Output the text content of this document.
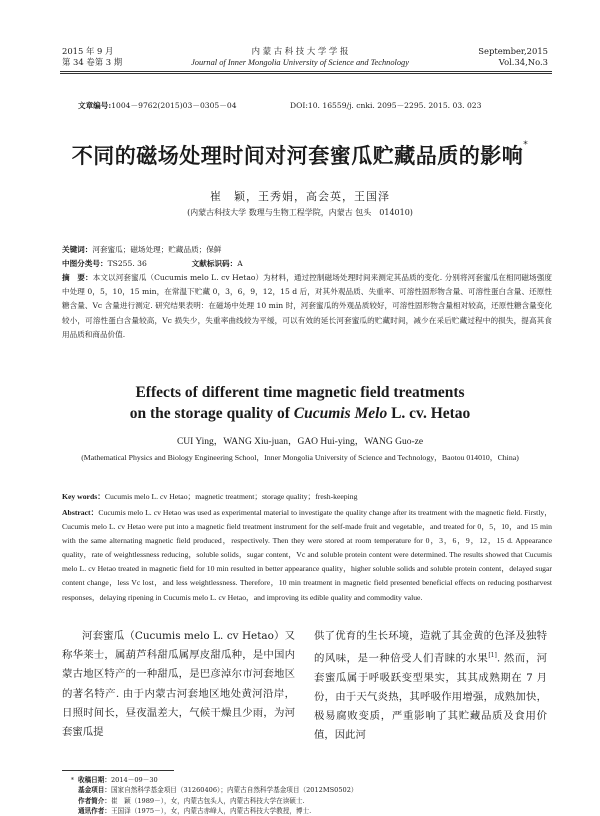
2015 年 9 月
第 34 卷第 3 期
内 蒙 古 科 技 大 学 学 报
Journal of Inner Mongolia University of Science and Technology
September,2015
Vol.34,No.3
文章编号:1004－9762(2015)03－0305－04	DOI:10. 16559/j. cnki. 2095－2295. 2015. 03. 023
不同的磁场处理时间对河套蜜瓜贮藏品质的影响*
崔　颖，王秀娟，高会英，王国泽
(内蒙古科技大学 数理与生物工程学院，内蒙古 包头　014010)
关键词：河套蜜瓜；磁场处理；贮藏品质；保鲜
中图分类号：TS255. 36	文献标识码：A
摘　要：本文以河套蜜瓜（Cucumis melo L. cv Hetao）为材料，通过控制磁场处理时间来测定其品质的变化. 分别将河套蜜瓜在相同磁场强度中处理 0，5，10，15 min，在常温下贮藏 0，3，6，9，12，15 d 后，对其外观品质、失重率、可溶性固形物含量、可溶性蛋白含量、还原性糖含量、Vc 含量进行测定. 研究结果表明：在磁场中处理 10 min 时，河套蜜瓜的外观品质较好，可溶性固形物含量相对较高，还原性糖含量变化较小，可溶性蛋白含量较高，Vc 损失少，失重率曲线较为平缓，可以有效的延长河套蜜瓜的贮藏时间，减少在采后贮藏过程中的损失，提高其食用品质和商品价值.
Effects of different time magnetic field treatments
on the storage quality of Cucumis Melo L. cv. Hetao
CUI Ying，WANG Xiu-juan，GAO Hui-ying，WANG Guo-ze
(Mathematical Physics and Biology Engineering School，Inner Mongolia University of Science and Technology，Baotou 014010，China)
Key words：Cucumis melo L. cv Hetao；magnetic treatment；storage quality；fresh-keeping
Abstract：Cucumis melo L. cv Hetao was used as experimental material to investigate the quality change after its treatment with the magnetic field. Firstly，Cucumis melo L. cv Hetao were put into a magnetic field treatment instrument for the self-made fruit and vegetable，and treated for 0，5，10，and 15 min with the same alternating magnetic field produced，respectively. Then they were stored at room temperature for 0，3，6，9，12，15 d. Appearance quality，rate of weightlessness reducing，soluble solids，sugar content，Vc and soluble protein content were determined. The results showed that Cucumis melo L. cv Hetao treated in magnetic field for 10 min resulted in better appearance quality，higher soluble solids and soluble protein content，delayed sugar content change，less Vc lost，and less weightlessness. Therefore，10 min treatment in magnetic field presented beneficial effects on reducing postharvest responses，delaying ripening in Cucumis melo L. cv Hetao，and improving its edible quality and commodity value.
河套蜜瓜（Cucumis melo L. cv Hetao）又称华莱士，属葫芦科甜瓜属厚皮甜瓜种，是中国内蒙古地区特产的一种甜瓜，是巴彦淖尔市河套地区的著名特产. 由于内蒙古河套地区地处黄河沿岸，日照时间长，昼夜温差大，气候干燥且少雨，为河套蜜瓜提
供了优育的生长环境，造就了其金黄的色泽及独特的风味，是一种倍受人们青睐的水果[1]. 然而，河套蜜瓜属于呼吸跃变型果实，其其成熟期在 7 月份，由于天气炎热，其呼吸作用增强，成熟加快，极易腐败变质，严重影响了其贮藏品质及食用价值，因此河
* 收稿日期：2014－09－30
基金项目：国家自然科学基金项目（31260406）；内蒙古自然科学基金项目（2012MS0502）
作者简介：崔　颖（1989－），女，内蒙古包头人，内蒙古科技大学在读硕士.
通讯作者：王国泽（1975－），女，内蒙古赤峰人，内蒙古科技大学教授，博士.
